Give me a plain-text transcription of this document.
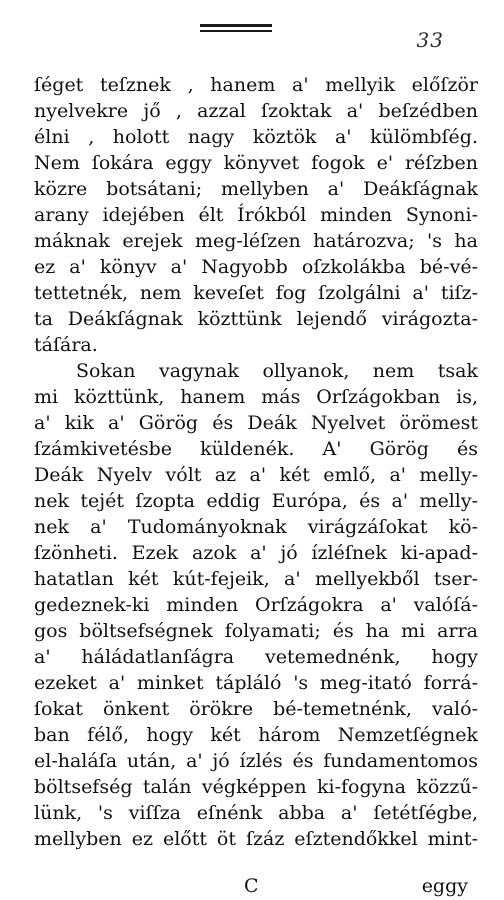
33
ſéget teſznek , hanem a' mellyik előſzör
nyelvekre jő , azzal ſzoktak a' beſzédben
élni , holott nagy köztök a' külömbſég.
Nem ſokára eggy könyvet fogok e' réſzben
közre botsátani; mellyben a' Deákſágnak
arany idejében élt Írókból minden Synoni-
máknak erejek meg-léſzen határozva; 's ha
ez a' könyv a' Nagyobb oſzkolákba bé-vé-
tettetnék, nem keveſet fog ſzolgálni a' tiſz-
ta Deákſágnak közttünk lejendő virágozta-
táſára.
Sokan vagynak ollyanok, nem tsak
mi közttünk, hanem más Orſzágokban is,
a' kik a' Görög és Deák Nyelvet örömest
ſzámkivetésbe küldenék. A' Görög és
Deák Nyelv vólt az a' két emlő, a' melly-
nek tejét ſzopta eddig Európa, és a' melly-
nek a' Tudományoknak virágzáſokat kö-
ſzönheti. Ezek azok a' jó ízléſnek ki-apad-
hatatlan két kút-fejeik, a' mellyekből tser-
gedeznek-ki minden Orſzágokra a' valóſá-
gos böltsefségnek folyamati; és ha mi arra
a' háládatlanſágra vetemednénk, hogy
ezeket a' minket tápláló 's meg-itató forrá-
ſokat önkent örökre bé-temetnénk, való-
ban félő, hogy két három Nemzetſégnek
el-haláſa után, a' jó ízlés és fundamentomos
böltsefség talán végképpen ki-fogyna közzű-
lünk, 's viſſza eſnénk abba a' ſetétſégbe,
mellyben ez előtt öt ſzáz eſztendőkkel mint-
C	eggy
